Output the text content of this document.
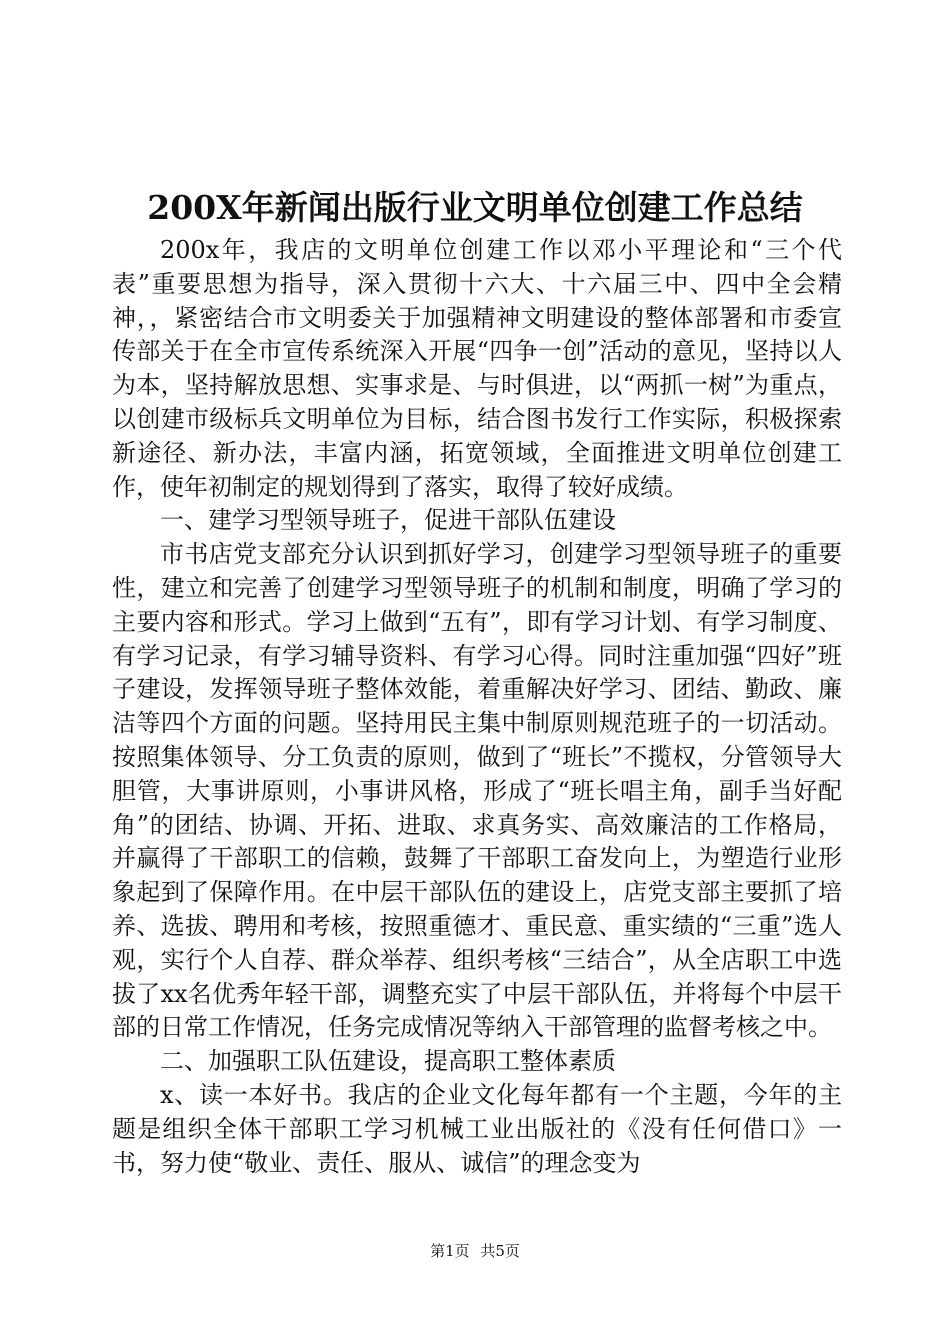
200X年新闻出版行业文明单位创建工作总结

200x年，我店的文明单位创建工作以邓小平理论和“三个代表”重要思想为指导，深入贯彻十六大、十六届三中、四中全会精神，，紧密结合市文明委关于加强精神文明建设的整体部署和市委宣传部关于在全市宣传系统深入开展“四争一创”活动的意见，坚持以人为本，坚持解放思想、实事求是、与时俱进，以“两抓一树”为重点，以创建市级标兵文明单位为目标，结合图书发行工作实际，积极探索新途径、新办法，丰富内涵，拓宽领域，全面推进文明单位创建工作，使年初制定的规划得到了落实，取得了较好成绩。

一、建学习型领导班子，促进干部队伍建设

市书店党支部充分认识到抓好学习，创建学习型领导班子的重要性，建立和完善了创建学习型领导班子的机制和制度，明确了学习的主要内容和形式。学习上做到“五有”，即有学习计划、有学习制度、有学习记录，有学习辅导资料、有学习心得。同时注重加强“四好”班子建设，发挥领导班子整体效能，着重解决好学习、团结、勤政、廉洁等四个方面的问题。坚持用民主集中制原则规范班子的一切活动。按照集体领导、分工负责的原则，做到了“班长”不揽权，分管领导大胆管，大事讲原则，小事讲风格，形成了“班长唱主角，副手当好配角”的团结、协调、开拓、进取、求真务实、高效廉洁的工作格局，并赢得了干部职工的信赖，鼓舞了干部职工奋发向上，为塑造行业形象起到了保障作用。在中层干部队伍的建设上，店党支部主要抓了培养、选拔、聘用和考核，按照重德才、重民意、重实绩的“三重”选人观，实行个人自荐、群众举荐、组织考核“三结合”，从全店职工中选拔了xx名优秀年轻干部，调整充实了中层干部队伍，并将每个中层干部的日常工作情况，任务完成情况等纳入干部管理的监督考核之中。

二、加强职工队伍建设，提高职工整体素质

x、读一本好书。我店的企业文化每年都有一个主题，今年的主题是组织全体干部职工学习机械工业出版社的《没有任何借口》一书，努力使“敬业、责任、服从、诚信”的理念变为

第1页 共5页
